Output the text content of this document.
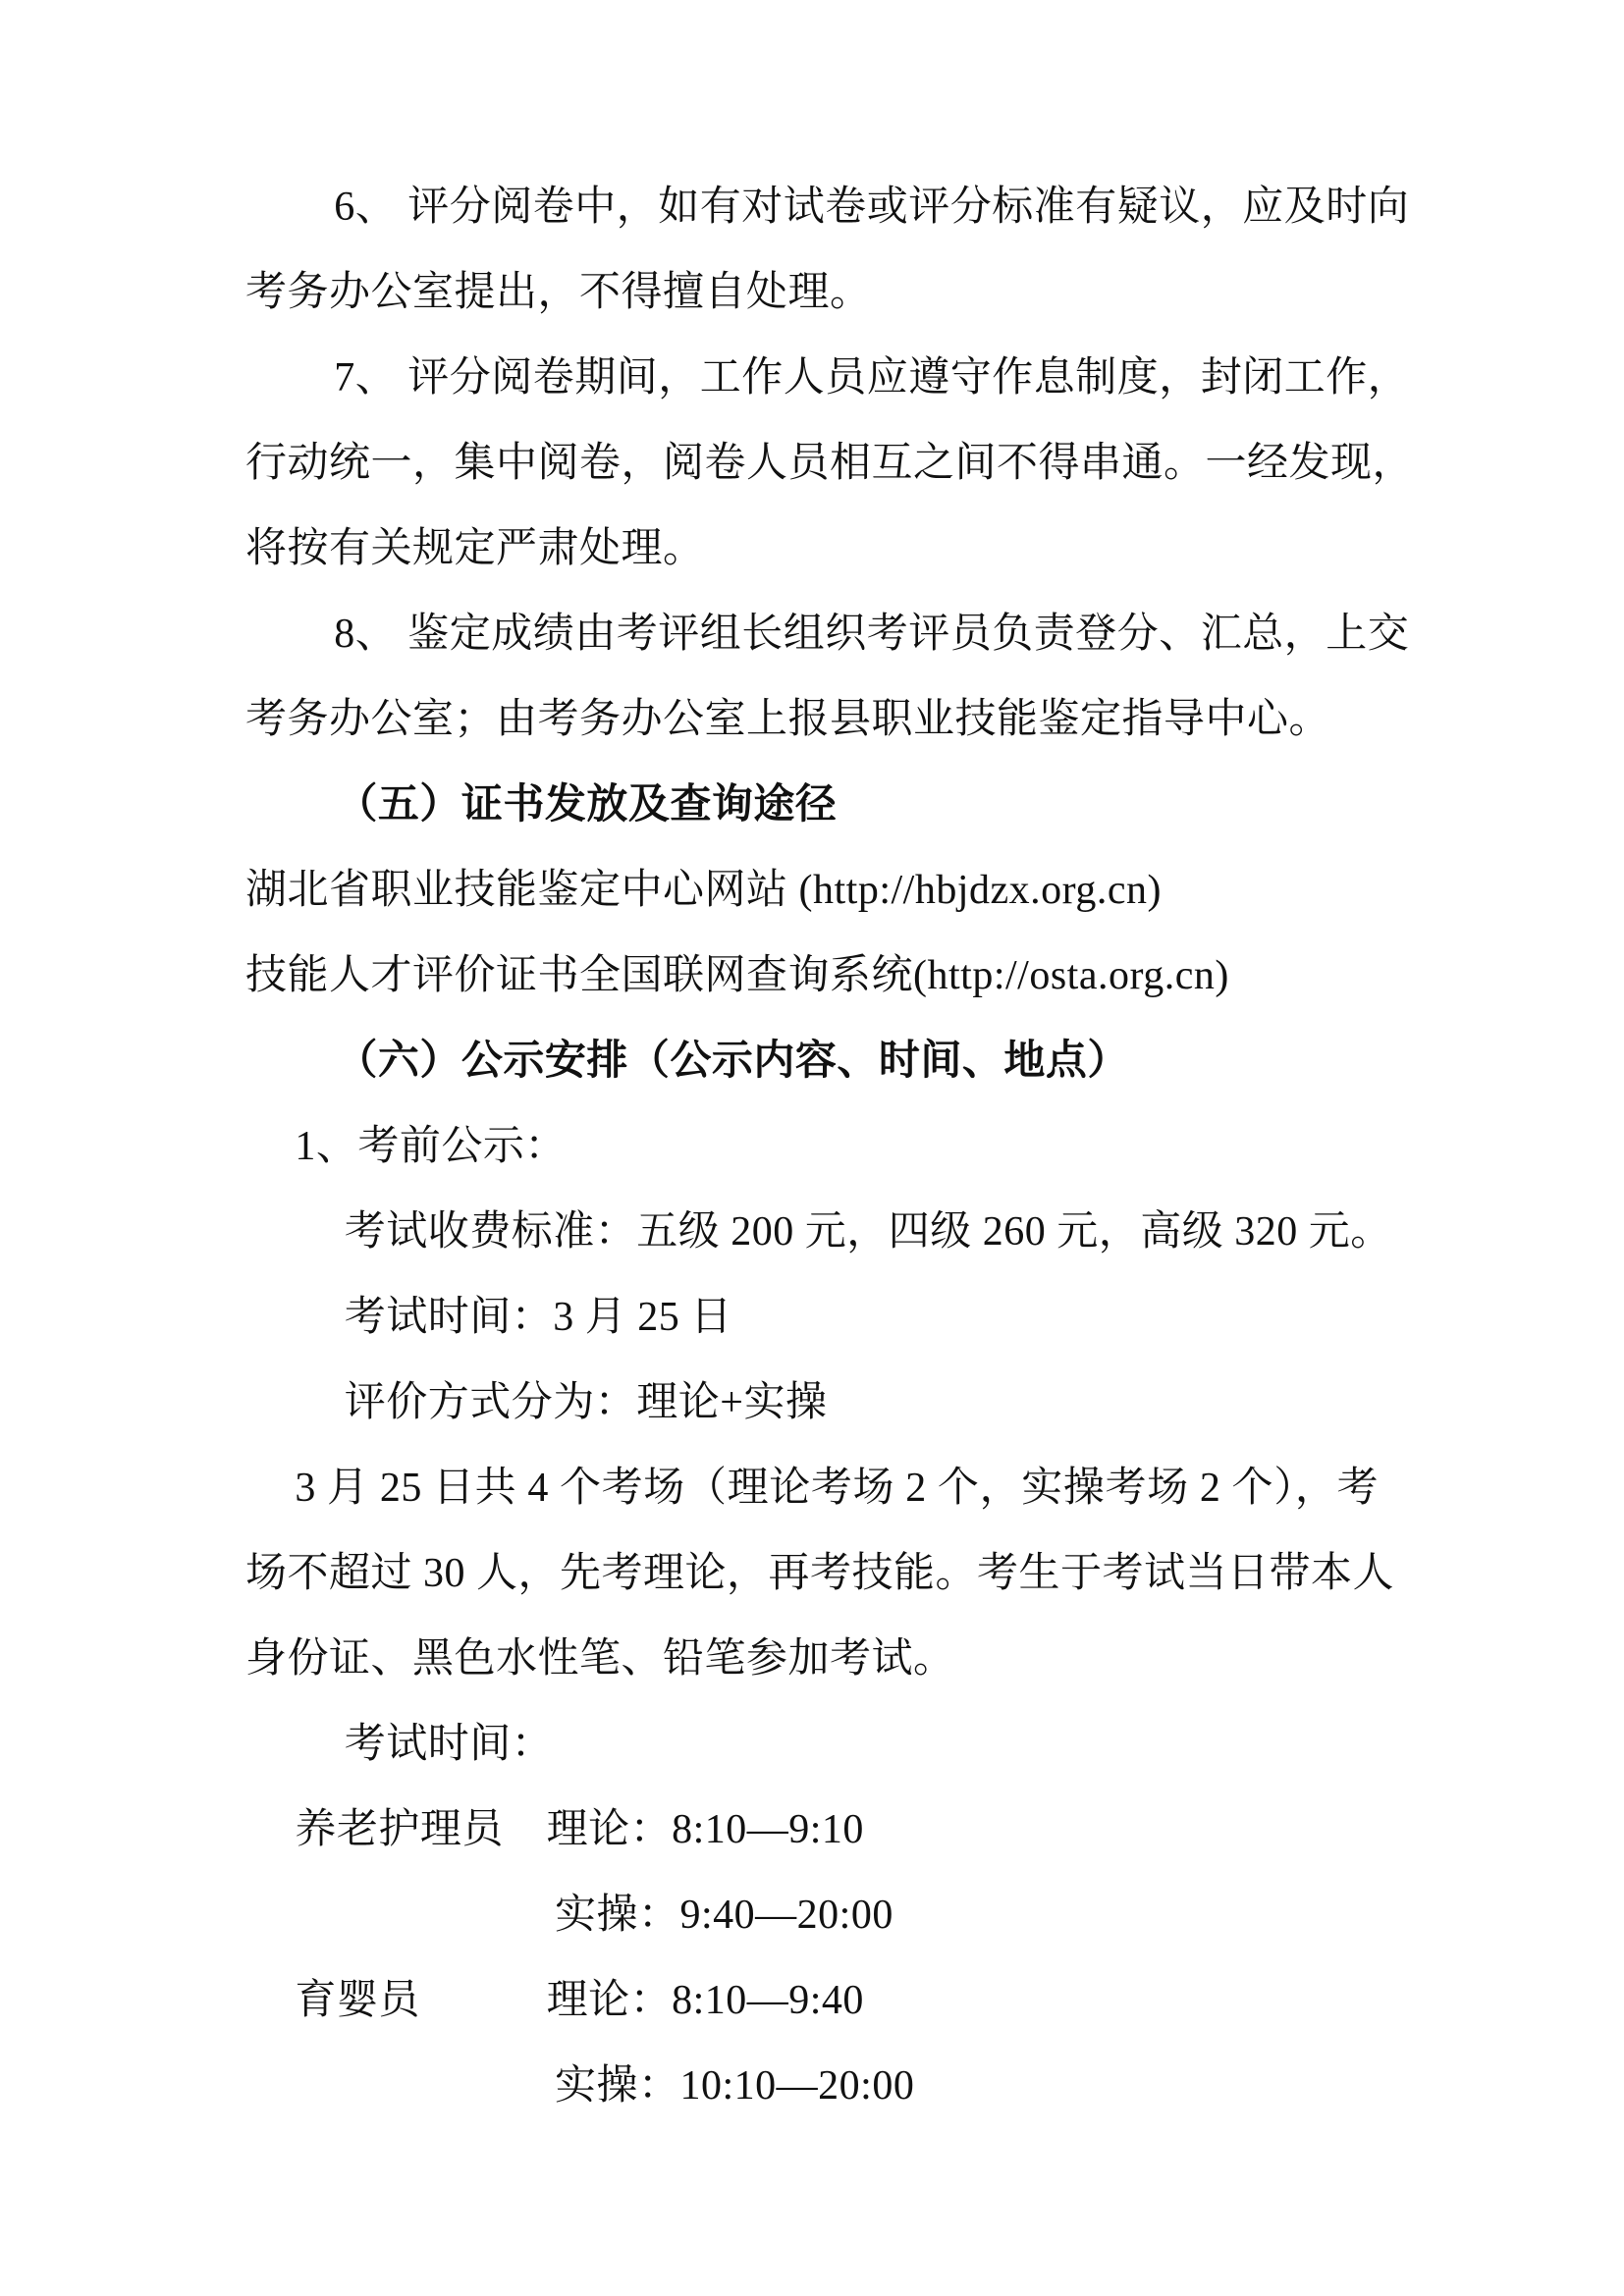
6、 评分阅卷中，如有对试卷或评分标准有疑议，应及时向
考务办公室提出，不得擅自处理。
7、 评分阅卷期间，工作人员应遵守作息制度，封闭工作，
行动统一，集中阅卷，阅卷人员相互之间不得串通。一经发现，
将按有关规定严肃处理。
8、 鉴定成绩由考评组长组织考评员负责登分、汇总，上交
考务办公室；由考务办公室上报县职业技能鉴定指导中心。
（五）证书发放及查询途径
湖北省职业技能鉴定中心网站 (http://hbjdzx.org.cn)
技能人才评价证书全国联网查询系统(http://osta.org.cn)
（六）公示安排（公示内容、时间、地点）
1、考前公示：
考试收费标准：五级 200 元，四级 260 元，高级 320 元。
考试时间：3 月 25 日
评价方式分为：理论+实操
3 月 25 日共 4 个考场（理论考场 2 个，实操考场 2 个），考
场不超过 30 人，先考理论，再考技能。考生于考试当日带本人
身份证、黑色水性笔、铅笔参加考试。
考试时间：
养老护理员 理论：8:10—9:10
实操：9:40—20:00
育婴员	理论：8:10—9:40
实操：10:10—20:00
